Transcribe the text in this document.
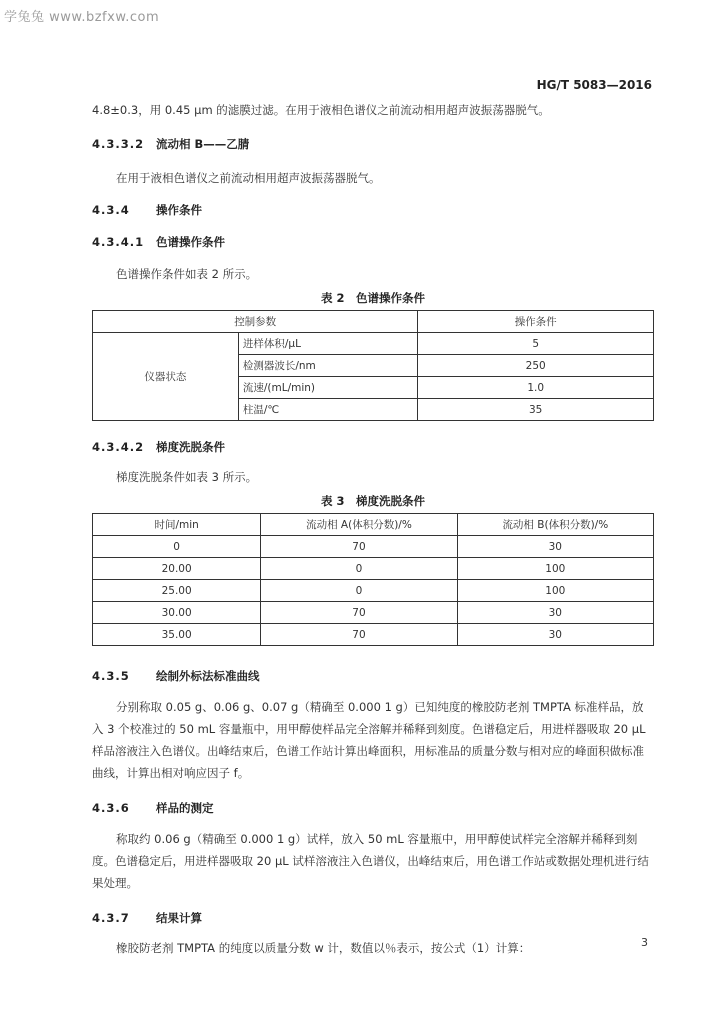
学兔兔 www.bzfxw.com
HG/T 5083—2016

4.8±0.3，用 0.45 μm 的滤膜过滤。在用于液相色谱仪之前流动相用超声波振荡器脱气。

4.3.3.2 流动相 B——乙腈

在用于液相色谱仪之前流动相用超声波振荡器脱气。

4.3.4 操作条件
4.3.4.1 色谱操作条件

色谱操作条件如表 2 所示。

表 2　色谱操作条件
控制参数		操作条件
仪器状态	进样体积/μL	5
	检测器波长/nm	250
	流速/(mL/min)	1.0
	柱温/℃	35
4.3.4.2 梯度洗脱条件

梯度洗脱条件如表 3 所示。

表 3　梯度洗脱条件
时间/min	流动相 A(体积分数)/%	流动相 B(体积分数)/%
0	70	30
20.00	0	100
25.00	0	100
30.00	70	30
35.00	70	30
4.3.5 绘制外标法标准曲线

分别称取 0.05 g、0.06 g、0.07 g（精确至 0.000 1 g）已知纯度的橡胶防老剂 TMPTA 标准样品，放入 3 个校准过的 50 mL 容量瓶中，用甲醇使样品完全溶解并稀释到刻度。色谱稳定后，用进样器吸取 20 μL 样品溶液注入色谱仪。出峰结束后，色谱工作站计算出峰面积，用标准品的质量分数与相对应的峰面积做标准曲线，计算出相对响应因子 f。

4.3.6 样品的测定

称取约 0.06 g（精确至 0.000 1 g）试样，放入 50 mL 容量瓶中，用甲醇使试样完全溶解并稀释到刻度。色谱稳定后，用进样器吸取 20 μL 试样溶液注入色谱仪，出峰结束后，用色谱工作站或数据处理机进行结果处理。

4.3.7 结果计算

橡胶防老剂 TMPTA 的纯度以质量分数 w 计，数值以％表示，按公式（1）计算：	3
